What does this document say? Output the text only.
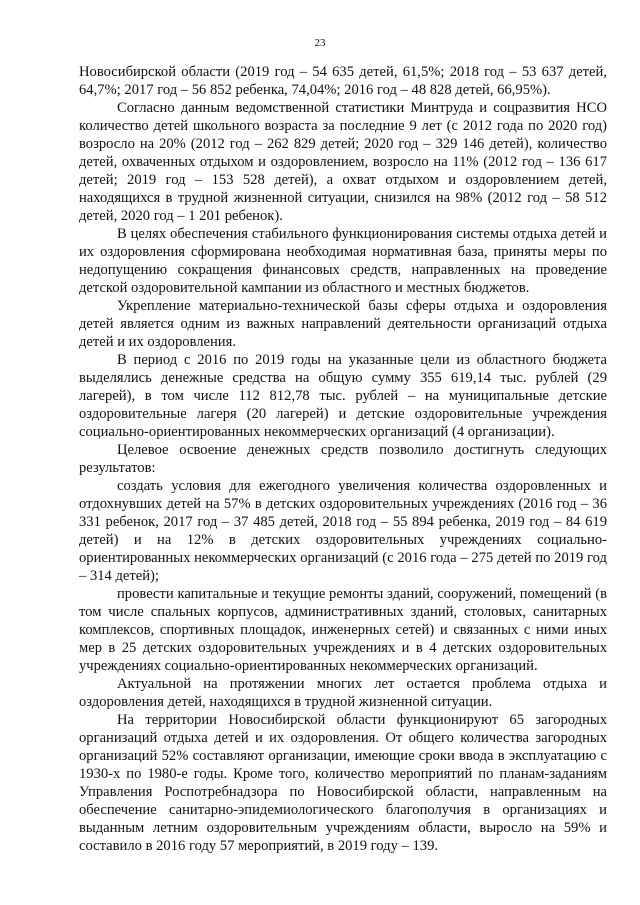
23

Новосибирской области (2019 год – 54 635 детей, 61,5%; 2018 год – 53 637 детей, 64,7%; 2017 год – 56 852 ребенка, 74,04%; 2016 год – 48 828 детей, 66,95%).

Согласно данным ведомственной статистики Минтруда и соцразвития НСО количество детей школьного возраста за последние 9 лет (с 2012 года по 2020 год) возросло на 20% (2012 год – 262 829 детей; 2020 год – 329 146 детей), количество детей, охваченных отдыхом и оздоровлением, возросло на 11% (2012 год – 136 617 детей; 2019 год – 153 528 детей), а охват отдыхом и оздоровлением детей, находящихся в трудной жизненной ситуации, снизился на 98% (2012 год – 58 512 детей, 2020 год – 1 201 ребенок).

В целях обеспечения стабильного функционирования системы отдыха детей и их оздоровления сформирована необходимая нормативная база, приняты меры по недопущению сокращения финансовых средств, направленных на проведение детской оздоровительной кампании из областного и местных бюджетов.

Укрепление материально-технической базы сферы отдыха и оздоровления детей является одним из важных направлений деятельности организаций отдыха детей и их оздоровления.

В период с 2016 по 2019 годы на указанные цели из областного бюджета выделялись денежные средства на общую сумму 355 619,14 тыс. рублей (29 лагерей), в том числе 112 812,78 тыс. рублей – на муниципальные детские оздоровительные лагеря (20 лагерей) и детские оздоровительные учреждения социально-ориентированных некоммерческих организаций (4 организации).

Целевое освоение денежных средств позволило достигнуть следующих результатов:

создать условия для ежегодного увеличения количества оздоровленных и отдохнувших детей на 57% в детских оздоровительных учреждениях (2016 год – 36 331 ребенок, 2017 год – 37 485 детей, 2018 год – 55 894 ребенка, 2019 год – 84 619 детей) и на 12% в детских оздоровительных учреждениях социально-ориентированных некоммерческих организаций (с 2016 года – 275 детей по 2019 год – 314 детей);

провести капитальные и текущие ремонты зданий, сооружений, помещений (в том числе спальных корпусов, административных зданий, столовых, санитарных комплексов, спортивных площадок, инженерных сетей) и связанных с ними иных мер в 25 детских оздоровительных учреждениях и в 4 детских оздоровительных учреждениях социально-ориентированных некоммерческих организаций.

Актуальной на протяжении многих лет остается проблема отдыха и оздоровления детей, находящихся в трудной жизненной ситуации.

На территории Новосибирской области функционируют 65 загородных организаций отдыха детей и их оздоровления. От общего количества загородных организаций 52% составляют организации, имеющие сроки ввода в эксплуатацию с 1930-х по 1980-е годы. Кроме того, количество мероприятий по планам-заданиям Управления Роспотребнадзора по Новосибирской области, направленным на обеспечение санитарно-эпидемиологического благополучия в организациях и выданным летним оздоровительным учреждениям области, выросло на 59% и составило в 2016 году 57 мероприятий, в 2019 году – 139.
